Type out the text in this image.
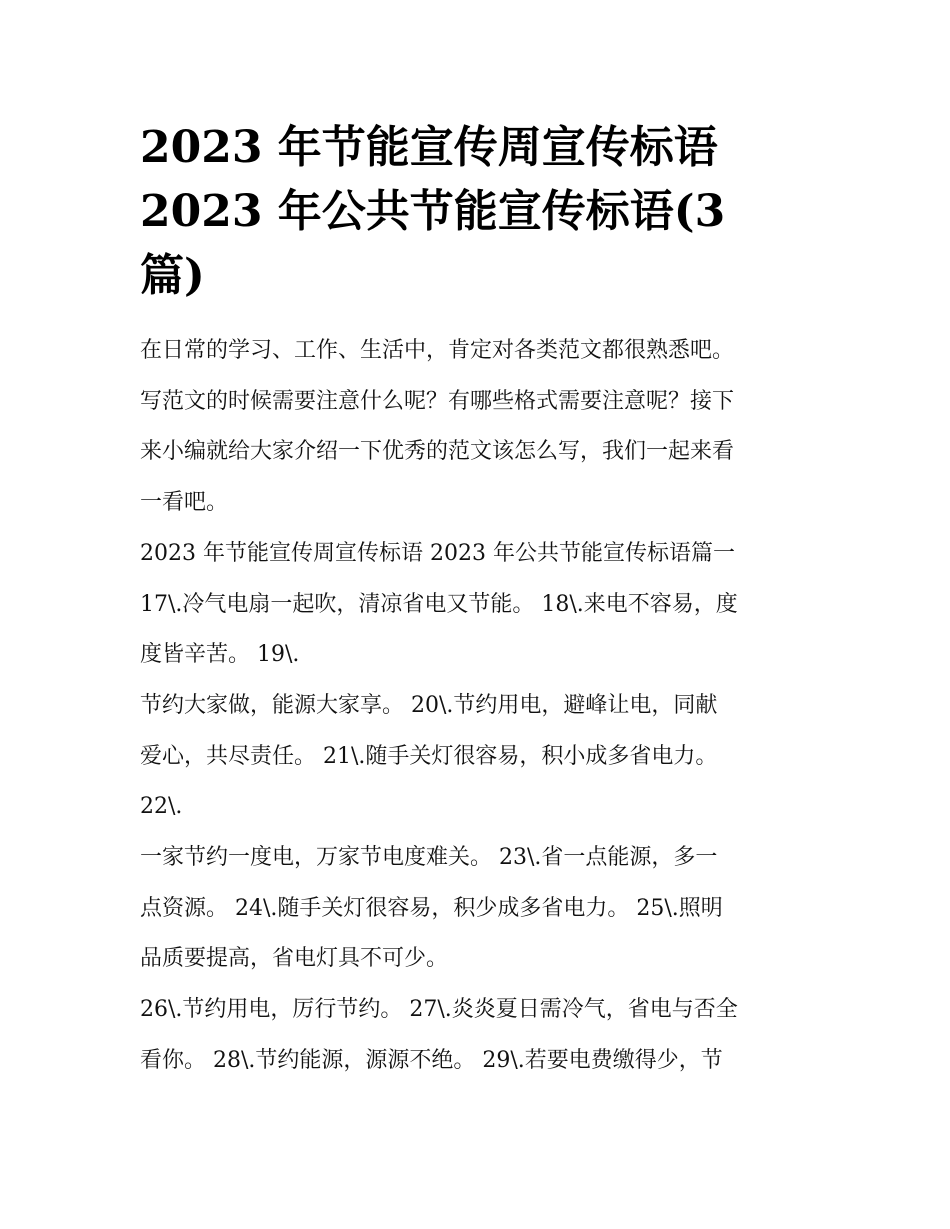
2023 年节能宣传周宣传标语
2023 年公共节能宣传标语(3
篇)

在日常的学习、工作、生活中，肯定对各类范文都很熟悉吧。
写范文的时候需要注意什么呢？有哪些格式需要注意呢？接下
来小编就给大家介绍一下优秀的范文该怎么写，我们一起来看
一看吧。

2023 年节能宣传周宣传标语 2023 年公共节能宣传标语篇一

17\.冷气电扇一起吹，清凉省电又节能。 18\.来电不容易，度
度皆辛苦。 19\.

节约大家做，能源大家享。 20\.节约用电，避峰让电，同献
爱心，共尽责任。 21\.随手关灯很容易，积小成多省电力。
22\.

一家节约一度电，万家节电度难关。 23\.省一点能源，多一
点资源。 24\.随手关灯很容易，积少成多省电力。 25\.照明
品质要提高，省电灯具不可少。

26\.节约用电，厉行节约。 27\.炎炎夏日需冷气，省电与否全
看你。 28\.节约能源，源源不绝。 29\.若要电费缴得少，节
